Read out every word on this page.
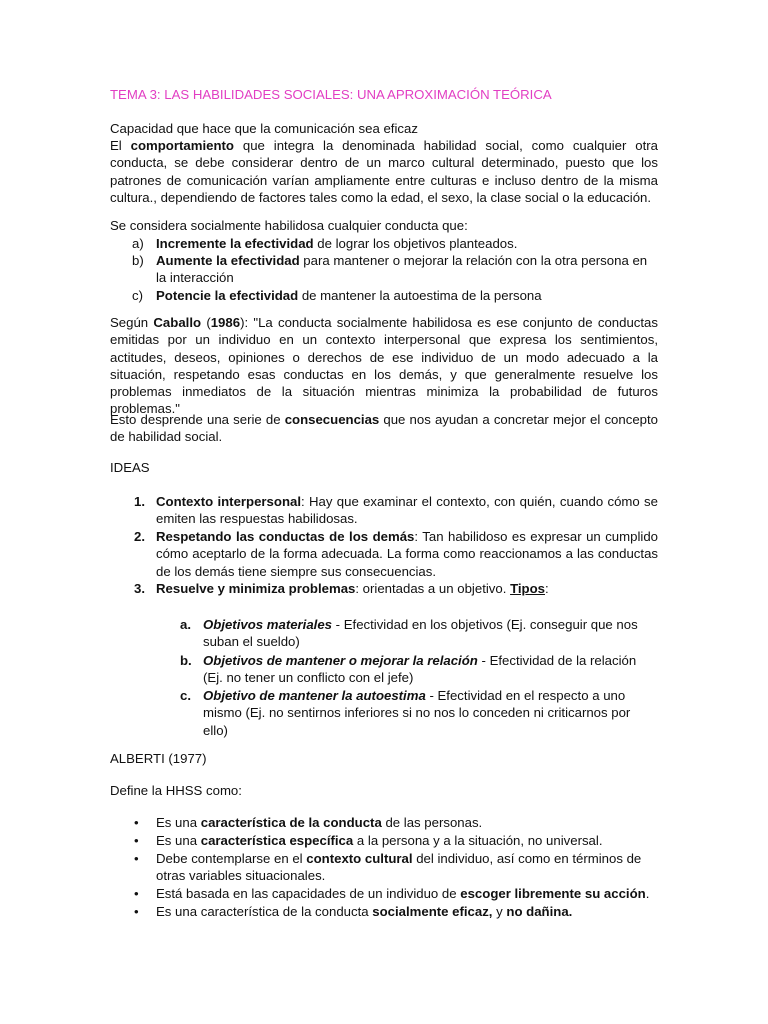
TEMA 3: LAS HABILIDADES SOCIALES: UNA APROXIMACIÓN TEÓRICA
Capacidad que hace que la comunicación sea eficaz
El comportamiento que integra la denominada habilidad social, como cualquier otra conducta, se debe considerar dentro de un marco cultural determinado, puesto que los patrones de comunicación varían ampliamente entre culturas e incluso dentro de la misma cultura., dependiendo de factores tales como la edad, el sexo, la clase social o la educación.
Se considera socialmente habilidosa cualquier conducta que:
a) Incremente la efectividad de lograr los objetivos planteados.
b) Aumente la efectividad para mantener o mejorar la relación con la otra persona en la interacción
c) Potencie la efectividad de mantener la autoestima de la persona
Según Caballo (1986): "La conducta socialmente habilidosa es ese conjunto de conductas emitidas por un individuo en un contexto interpersonal que expresa los sentimientos, actitudes, deseos, opiniones o derechos de ese individuo de un modo adecuado a la situación, respetando esas conductas en los demás, y que generalmente resuelve los problemas inmediatos de la situación mientras minimiza la probabilidad de futuros problemas."
Esto desprende una serie de consecuencias que nos ayudan a concretar mejor el concepto de habilidad social.
IDEAS
1. Contexto interpersonal: Hay que examinar el contexto, con quién, cuando cómo se emiten las respuestas habilidosas.
2. Respetando las conductas de los demás: Tan habilidoso es expresar un cumplido cómo aceptarlo de la forma adecuada. La forma como reaccionamos a las conductas de los demás tiene siempre sus consecuencias.
3. Resuelve y minimiza problemas: orientadas a un objetivo. Tipos:
a. Objetivos materiales - Efectividad en los objetivos (Ej. conseguir que nos suban el sueldo)
b. Objetivos de mantener o mejorar la relación - Efectividad de la relación (Ej. no tener un conflicto con el jefe)
c. Objetivo de mantener la autoestima - Efectividad en el respecto a uno mismo (Ej. no sentirnos inferiores si no nos lo conceden ni criticarnos por ello)
ALBERTI (1977)
Define la HHSS como:
• Es una característica de la conducta de las personas.
• Es una característica específica a la persona y a la situación, no universal.
• Debe contemplarse en el contexto cultural del individuo, así como en términos de otras variables situacionales.
• Está basada en las capacidades de un individuo de escoger libremente su acción.
• Es una característica de la conducta socialmente eficaz, y no dañina.
